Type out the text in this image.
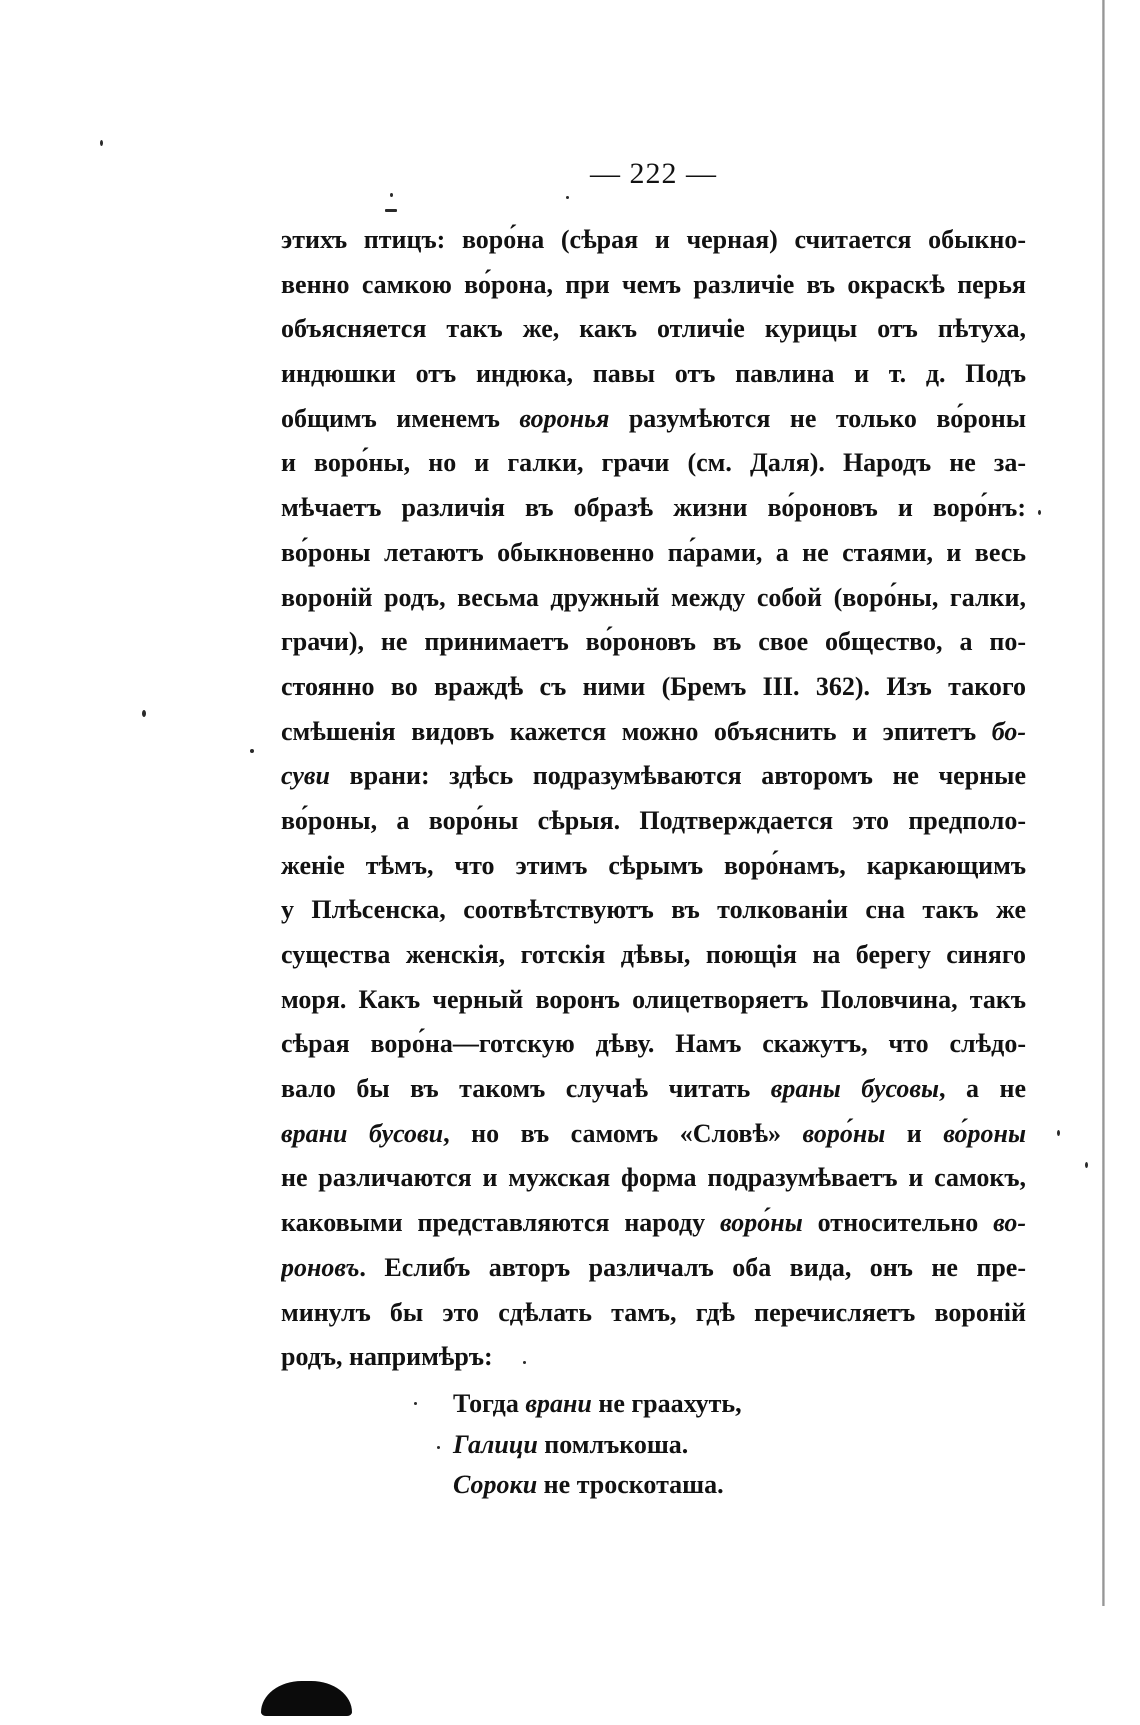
— 222 —
этихъ птицъ: воро́на (сѣрая и черная) считается обыкно-
венно самкою во́рона, при чемъ различіе въ окраскѣ перья
объясняется такъ же, какъ отличіе курицы отъ пѣтуха,
индюшки отъ индюка, павы отъ павлина и т. д. Подъ
общимъ именемъ воронья разумѣются не только во́роны
и воро́ны, но и галки, грачи (см. Даля). Народъ не за-
мѣчаетъ различія въ образѣ жизни во́роновъ и воро́нъ:
во́роны летаютъ обыкновенно па́рами, а не стаями, и весь
вороній родъ, весьма дружный между собой (воро́ны, галки,
грачи), не принимаетъ во́роновъ въ свое общество, а по-
стоянно во враждѣ съ ними (Бремъ III. 362). Изъ такого
смѣшенія видовъ кажется можно объяснить и эпитетъ бо-
суви врани: здѣсь подразумѣваются авторомъ не черные
во́роны, а воро́ны сѣрыя. Подтверждается это предполо-
женіе тѣмъ, что этимъ сѣрымъ воро́намъ, каркающимъ
у Плѣсенска, соотвѣтствуютъ въ толкованіи сна такъ же
существа женскія, готскія дѣвы, поющія на берегу синяго
моря. Какъ черный воронъ олицетворяетъ Половчина, такъ
сѣрая воро́на—готскую дѣву. Намъ скажутъ, что слѣдо-
вало бы въ такомъ случаѣ читать враны бусовы, а не
врани бусови, но въ самомъ «Словѣ» воро́ны и во́роны
не различаются и мужская форма подразумѣваетъ и самокъ,
каковыми представляются народу воро́ны относительно во-
роновъ. Еслибъ авторъ различалъ оба вида, онъ не пре-
минулъ бы это сдѣлать тамъ, гдѣ перечисляетъ вороній
родъ, напримѣръ:
Тогда врани не граахуть,
Галици помлъкоша.
Сороки не троскоташа.
